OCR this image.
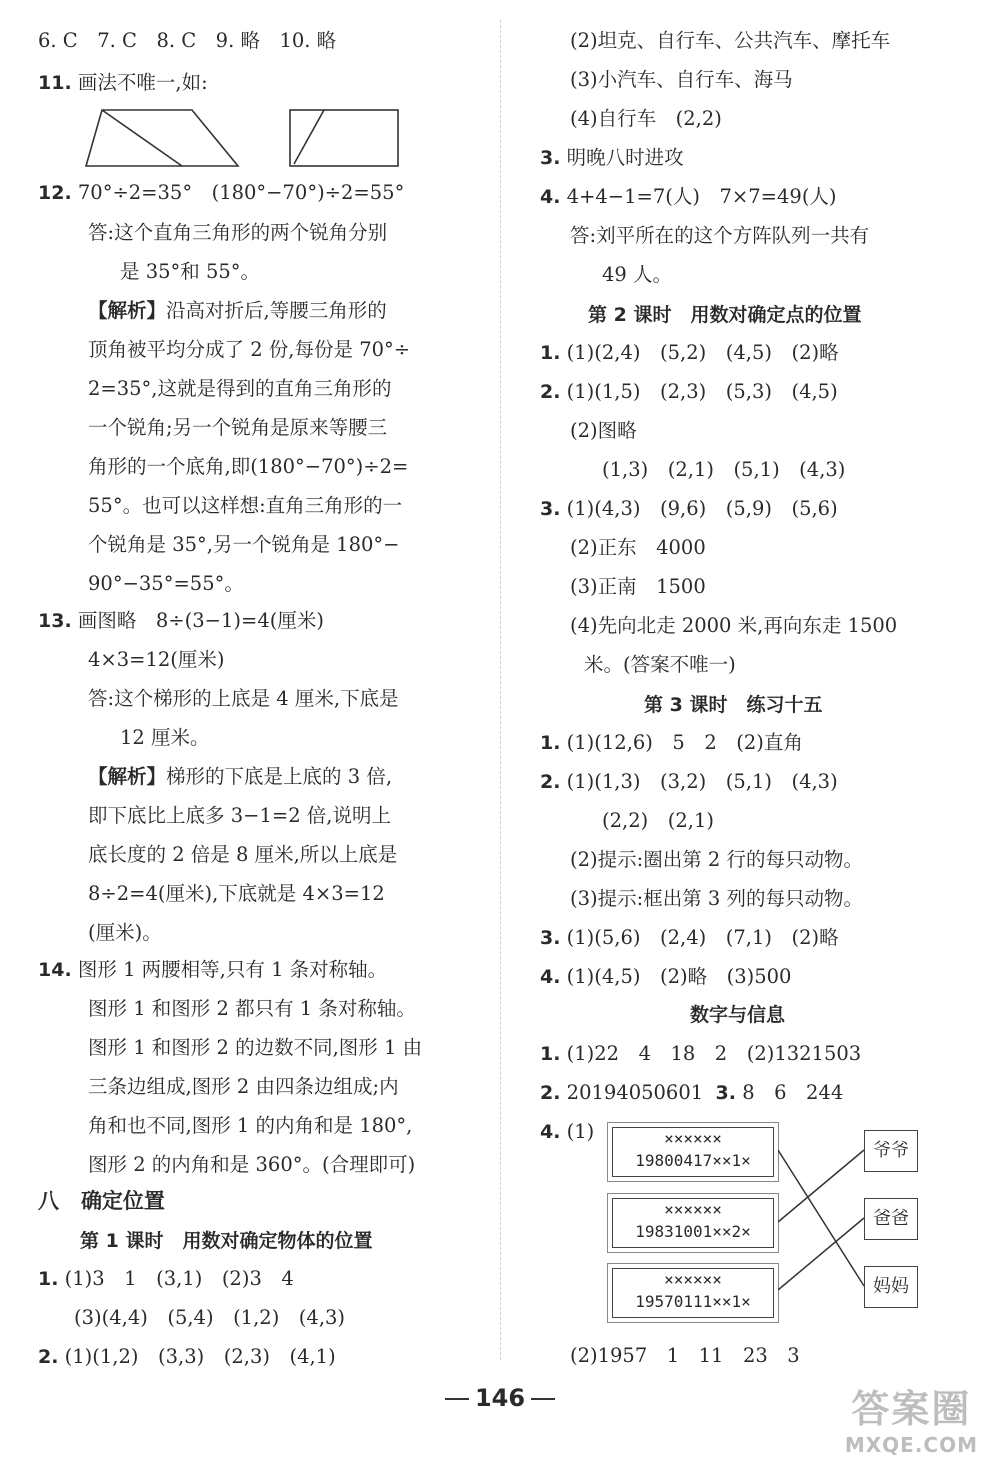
6. C　7. C　8. C　9. 略　10. 略
11. 画法不唯一,如:
12. 70°÷2=35°　(180°−70°)÷2=55°
答:这个直角三角形的两个锐角分别
是 35°和 55°。
【解析】沿高对折后,等腰三角形的
顶角被平均分成了 2 份,每份是 70°÷
2=35°,这就是得到的直角三角形的
一个锐角;另一个锐角是原来等腰三
角形的一个底角,即(180°−70°)÷2=
55°。也可以这样想:直角三角形的一
个锐角是 35°,另一个锐角是 180°−
90°−35°=55°。
13. 画图略　8÷(3−1)=4(厘米)
4×3=12(厘米)
答:这个梯形的上底是 4 厘米,下底是
12 厘米。
【解析】梯形的下底是上底的 3 倍,
即下底比上底多 3−1=2 倍,说明上
底长度的 2 倍是 8 厘米,所以上底是
8÷2=4(厘米),下底就是 4×3=12
(厘米)。
14. 图形 1 两腰相等,只有 1 条对称轴。
图形 1 和图形 2 都只有 1 条对称轴。
图形 1 和图形 2 的边数不同,图形 1 由
三条边组成,图形 2 由四条边组成;内
角和也不同,图形 1 的内角和是 180°,
图形 2 的内角和是 360°。(合理即可)
八 确定位置
第 1 课时　用数对确定物体的位置
1. (1)3　1　(3,1)　(2)3　4
(3)(4,4)　(5,4)　(1,2)　(4,3)
2. (1)(1,2)　(3,3)　(2,3)　(4,1)
(2)坦克、自行车、公共汽车、摩托车
(3)小汽车、自行车、海马
(4)自行车　(2,2)
3. 明晚八时进攻
4. 4+4−1=7(人)　7×7=49(人)
答:刘平所在的这个方阵队列一共有
49 人。
第 2 课时　用数对确定点的位置
1. (1)(2,4)　(5,2)　(4,5)　(2)略
2. (1)(1,5)　(2,3)　(5,3)　(4,5)
(2)图略
(1,3)　(2,1)　(5,1)　(4,3)
3. (1)(4,3)　(9,6)　(5,9)　(5,6)
(2)正东　4000
(3)正南　1500
(4)先向北走 2000 米,再向东走 1500
米。(答案不唯一)
第 3 课时　练习十五
1. (1)(12,6)　5　2　(2)直角
2. (1)(1,3)　(3,2)　(5,1)　(4,3)
(2,2)　(2,1)
(2)提示:圈出第 2 行的每只动物。
(3)提示:框出第 3 列的每只动物。
3. (1)(5,6)　(2,4)　(7,1)　(2)略
4. (1)(4,5)　(2)略　(3)500
数字与信息
1. (1)22　4　18　2　(2)1321503
2. 20194050601 3. 8　6　244
4. (1)	××××××
19800417××1×
××××××
19831001××2×
××××××
19570111××1×
爷爷
爸爸
妈妈
(2)1957　1　11　23　3
146	答案圈
MXQE.COM
